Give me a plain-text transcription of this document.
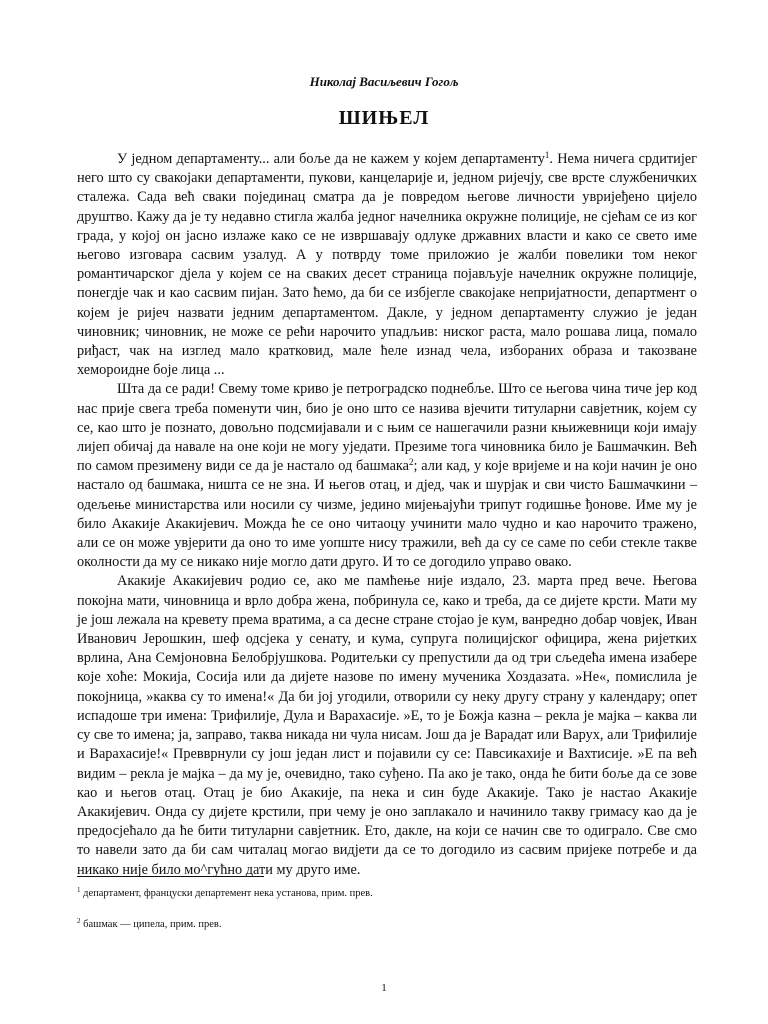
Николај Васиљевич Гогољ
ШИЊЕЛ

У једном департаменту... али боље да не кажем у којем департаменту$^1$. Нема ничега срдитијег него што су свакојаки департаменти, пукови, канцеларије и, једном ријечју, све врсте службеничких сталежа. Сада већ сваки појединац сматра да је повредом његове личности увријеђено цијело друштво. Кажу да је ту недавно стигла жалба једног начелника окружне полиције, не сјећам се из ког града, у којој он јасно излаже како се не извршавају одлуке државних власти и како се свето име његово изговара сасвим узалуд. А у потврду томе приложио је жалби повелики том неког романтичарског дјела у којем се на сваких десет страница појављује начелник окружне полиције, понегдје чак и као сасвим пијан. Зато ћемо, да би се избјегле свакојаке непријатности, департмент о којем је ријеч назвати једним департаментом. Дакле, у једном департаменту служио је један чиновник; чиновник, не може се рећи нарочито упадљив: ниског раста, мало рошава лица, помало риђаст, чак на изглед мало кратковид, мале ћеле изнад чела, изборaних образа и такозване хемороидне боје лица ...

Шта да се ради! Свему томе криво је петроградско поднебље. Што се његова чина тиче јер код нас прије свега треба поменути чин, био је оно што се назива вјечити титуларни савјетник, којем су се, као што је познато, довољно подсмијавали и с њим се нашегачили разни књижевници који имају лијеп обичај да навале на оне који не могу уједати. Презиме тога чиновника било је Башмачкин. Већ по самом презимену види се да је настало од башмака$^2$; али кад, у које вријеме и на који начин је оно настало од башмака, ништа се не зна. И његов отац, и дјед, чак и шурјак и сви чисто Башмачкини – одељење министарства или носили су чизме, једино мијењајући трипут годишње ђонове. Име му је било Акакије Акакијевич. Можда ће се оно читаоцу учинити мало чудно и као нарочито тражено, али се он може увјерити да оно то име уопште нису тражили, већ да су се саме по себи стекле такве околности да му се никако није могло дати друго. И то се догодило управо овако.

Акакије Акакијевич родио се, ако ме памћење није издало, 23. марта пред вече. Његова покојна мати, чиновница и врло добра жена, побринула се, како и треба, да се дијете крсти. Мати му је још лежала на кревету према вратима, а са десне стране стојао је кум, ванредно добар човјек, Иван Иванович Јерошкин, шеф одсјека у сенату, и кума, супруга полицијског официра, жена ријетких врлина, Ана Семјоновна Белобрјушкова. Родитељки су препустили да од три сљедећа имена изабере које хоће: Мокија, Сосија или да дијете назове по имену мученика Хоздазата. »Не«, помислила је покојница, »каква су то имена!« Да би јој угодили, отворили су неку другу страну у календару; опет испадоше три имена: Трифилије, Дула и Варахасије. »Е, то је Божја казна – рекла је мајка – каква ли су све то имена; ја, заправо, таква никада ни чула нисам. Још да је Варадат или Варух, али Трифилије и Варахасије!« Превврнули су још један лист и појавили су се: Павсикахије и Вахтисије. »Е па већ видим – рекла је мајка – да му је, очевидно, тако суђено. Па ако је тако, онда ће бити боље да се зове као и његов отац. Отац је био Акакије, па нека и син буде Акакије. Тако је настао Акакије Акакијевич. Онда су дијете крстили, при чему је оно заплакало и начинило такву гримасу као да је предосјећало да ће бити титуларни савјетник. Ето, дакле, на који се начин све то одиграло. Све смо то навели зато да би сам читалац могао видјети да се то догодило из сасвим пријеке потребе и да никако није било мо^гућно дати му друго име.

$^1$ департамент, француски департемент нека установа, прим. прев.
$^2$ башмак — ципела, прим. прев.
1
